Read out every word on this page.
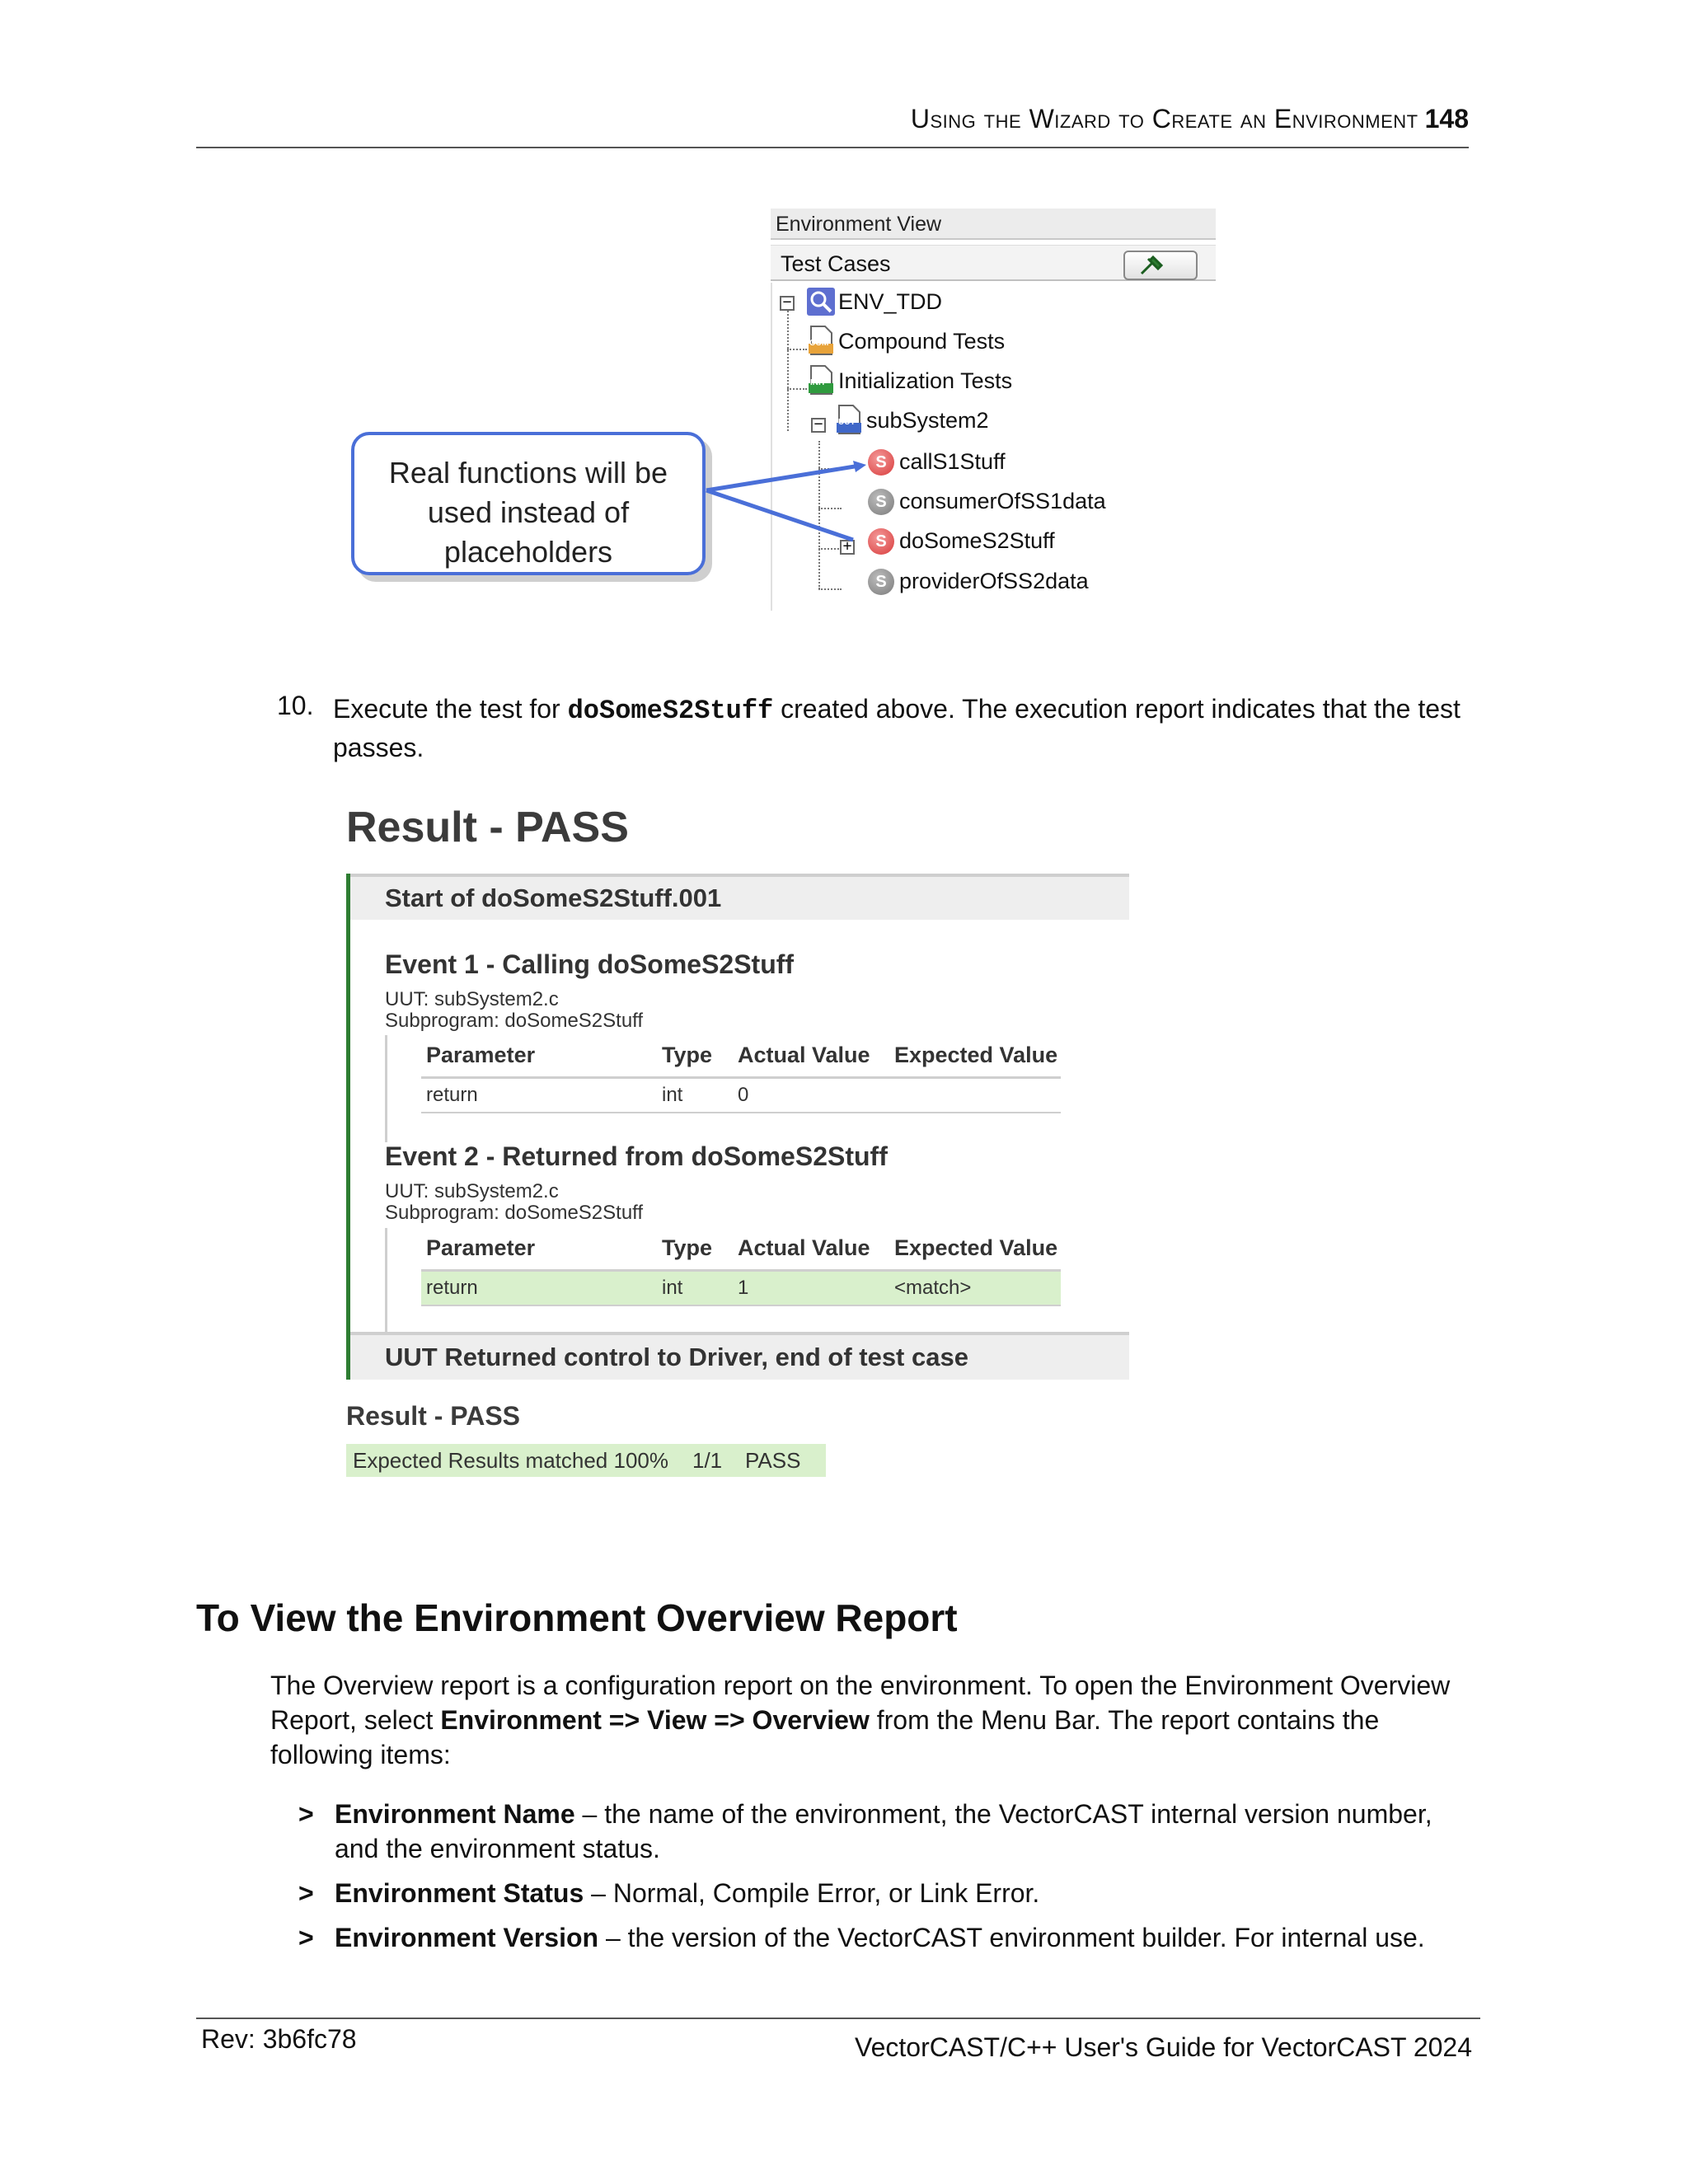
Using the Wizard to Create an Environment 148
Environment View
Test Cases
− ENV_TDD
COM Compound Tests
INIT Initialization Tests
−	UUT subSystem2
S callS1Stuff
S consumerOfSS1data
+	S doSomeS2Stuff
S providerOfSS2data
Real functions will be used instead of placeholders
10. Execute the test for doSomeS2Stuff created above. The execution report indicates that the test passes.
Result - PASS
Start of doSomeS2Stuff.001
Event 1 - Calling doSomeS2Stuff
UUT: subSystem2.c
Subprogram: doSomeS2Stuff
Parameter	Type Actual Value Expected Value
return	int	0
Event 2 - Returned from doSomeS2Stuff
UUT: subSystem2.c
Subprogram: doSomeS2Stuff
Parameter	Type Actual Value Expected Value
return	int	1	<match>
UUT Returned control to Driver, end of test case
Result - PASS
Expected Results matched 100% 1/1 PASS
To View the Environment Overview Report
The Overview report is a configuration report on the environment. To open the Environment Overview Report, select Environment => View => Overview from the Menu Bar. The report contains the following items:
> Environment Name – the name of the environment, the VectorCAST internal version number, and the environment status.
> Environment Status – Normal, Compile Error, or Link Error.
> Environment Version – the version of the VectorCAST environment builder. For internal use.
Rev: 3b6fc78	VectorCAST/C++ User's Guide for VectorCAST 2024
